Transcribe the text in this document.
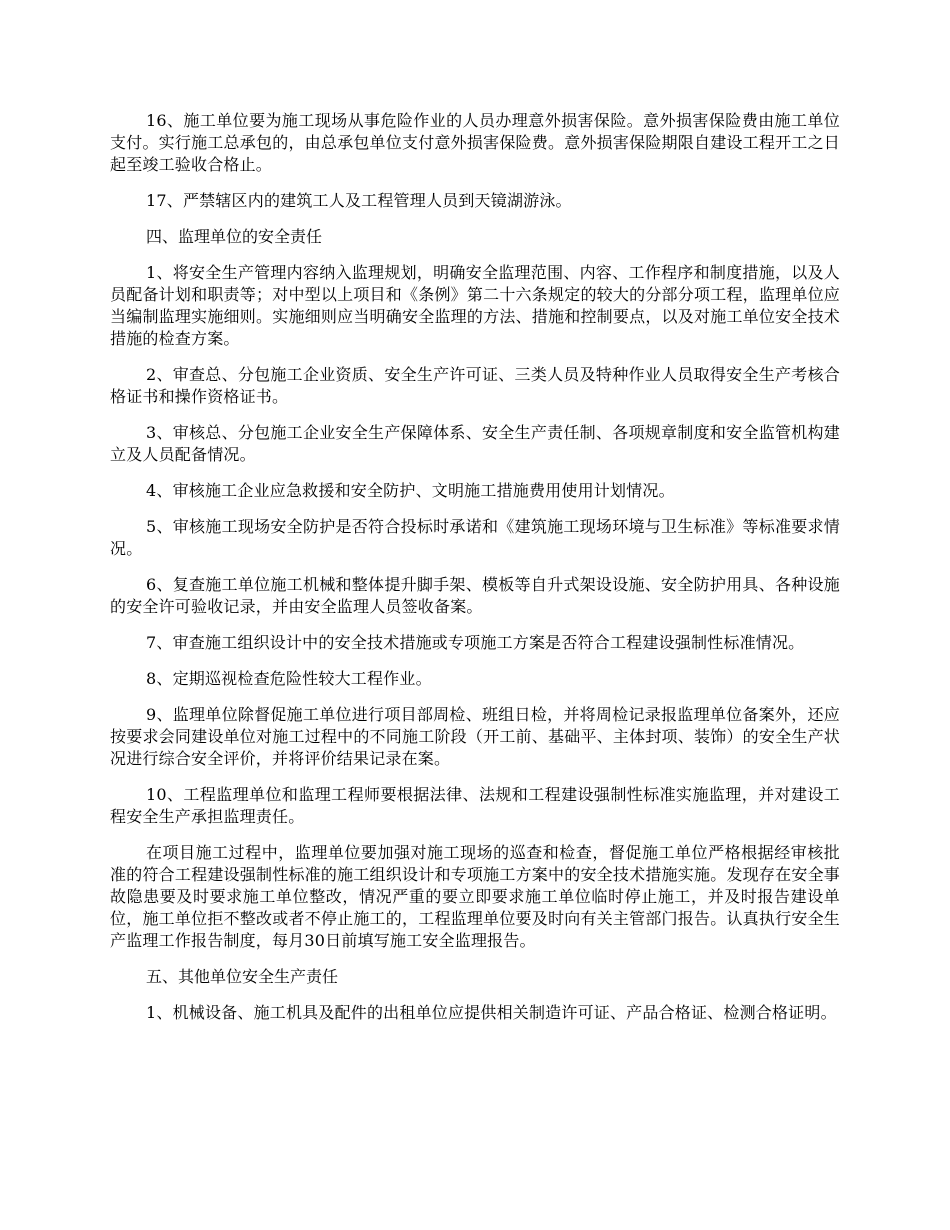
16、施工单位要为施工现场从事危险作业的人员办理意外损害保险。意外损害保险费由施工单位支付。实行施工总承包的，由总承包单位支付意外损害保险费。意外损害保险期限自建设工程开工之日起至竣工验收合格止。

17、严禁辖区内的建筑工人及工程管理人员到天镜湖游泳。

四、监理单位的安全责任

1、将安全生产管理内容纳入监理规划，明确安全监理范围、内容、工作程序和制度措施，以及人员配备计划和职责等；对中型以上项目和《条例》第二十六条规定的较大的分部分项工程，监理单位应当编制监理实施细则。实施细则应当明确安全监理的方法、措施和控制要点，以及对施工单位安全技术措施的检查方案。

2、审查总、分包施工企业资质、安全生产许可证、三类人员及特种作业人员取得安全生产考核合格证书和操作资格证书。

3、审核总、分包施工企业安全生产保障体系、安全生产责任制、各项规章制度和安全监管机构建立及人员配备情况。

4、审核施工企业应急救援和安全防护、文明施工措施费用使用计划情况。

5、审核施工现场安全防护是否符合投标时承诺和《建筑施工现场环境与卫生标准》等标准要求情况。

6、复查施工单位施工机械和整体提升脚手架、模板等自升式架设设施、安全防护用具、各种设施的安全许可验收记录，并由安全监理人员签收备案。

7、审查施工组织设计中的安全技术措施或专项施工方案是否符合工程建设强制性标准情况。

8、定期巡视检查危险性较大工程作业。

9、监理单位除督促施工单位进行项目部周检、班组日检，并将周检记录报监理单位备案外，还应按要求会同建设单位对施工过程中的不同施工阶段（开工前、基础平、主体封项、装饰）的安全生产状况进行综合安全评价，并将评价结果记录在案。

10、工程监理单位和监理工程师要根据法律、法规和工程建设强制性标准实施监理，并对建设工程安全生产承担监理责任。

在项目施工过程中，监理单位要加强对施工现场的巡查和检查，督促施工单位严格根据经审核批准的符合工程建设强制性标准的施工组织设计和专项施工方案中的安全技术措施实施。发现存在安全事故隐患要及时要求施工单位整改，情况严重的要立即要求施工单位临时停止施工，并及时报告建设单位，施工单位拒不整改或者不停止施工的，工程监理单位要及时向有关主管部门报告。认真执行安全生产监理工作报告制度，每月30日前填写施工安全监理报告。

五、其他单位安全生产责任

1、机械设备、施工机具及配件的出租单位应提供相关制造许可证、产品合格证、检测合格证明。
